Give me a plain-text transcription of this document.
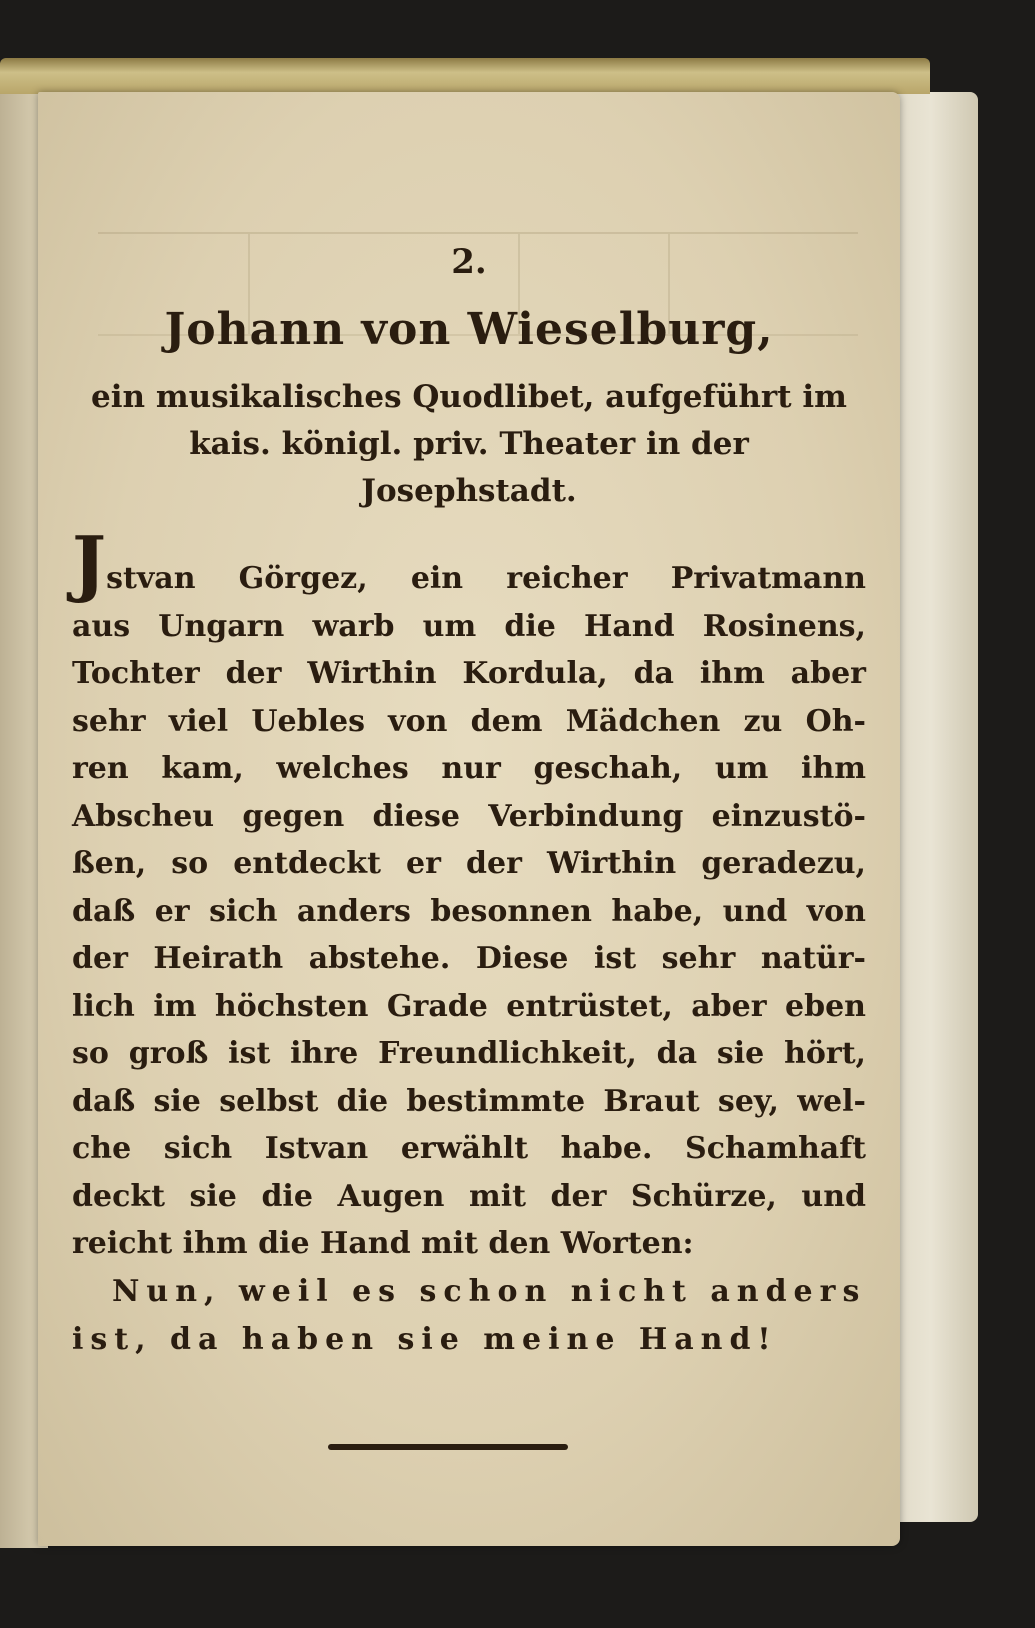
2.
Johann von Wieselburg,
ein musikalisches Quodlibet, aufgeführt im
kais. königl. priv. Theater in der
Josephstadt.
Jstvan Görgez, ein reicher Privatmann
aus Ungarn warb um die Hand Rosinens,
Tochter der Wirthin Kordula, da ihm aber
sehr viel Uebles von dem Mädchen zu Oh-
ren kam, welches nur geschah, um ihm
Abscheu gegen diese Verbindung einzustö-
ßen, so entdeckt er der Wirthin geradezu,
daß er sich anders besonnen habe, und von
der Heirath abstehe. Diese ist sehr natür-
lich im höchsten Grade entrüstet, aber eben
so groß ist ihre Freundlichkeit, da sie hört,
daß sie selbst die bestimmte Braut sey, wel-
che sich Istvan erwählt habe. Schamhaft
deckt sie die Augen mit der Schürze, und
reicht ihm die Hand mit den Worten:
Nun, weil es schon nicht anders
ist, da haben sie meine Hand!
